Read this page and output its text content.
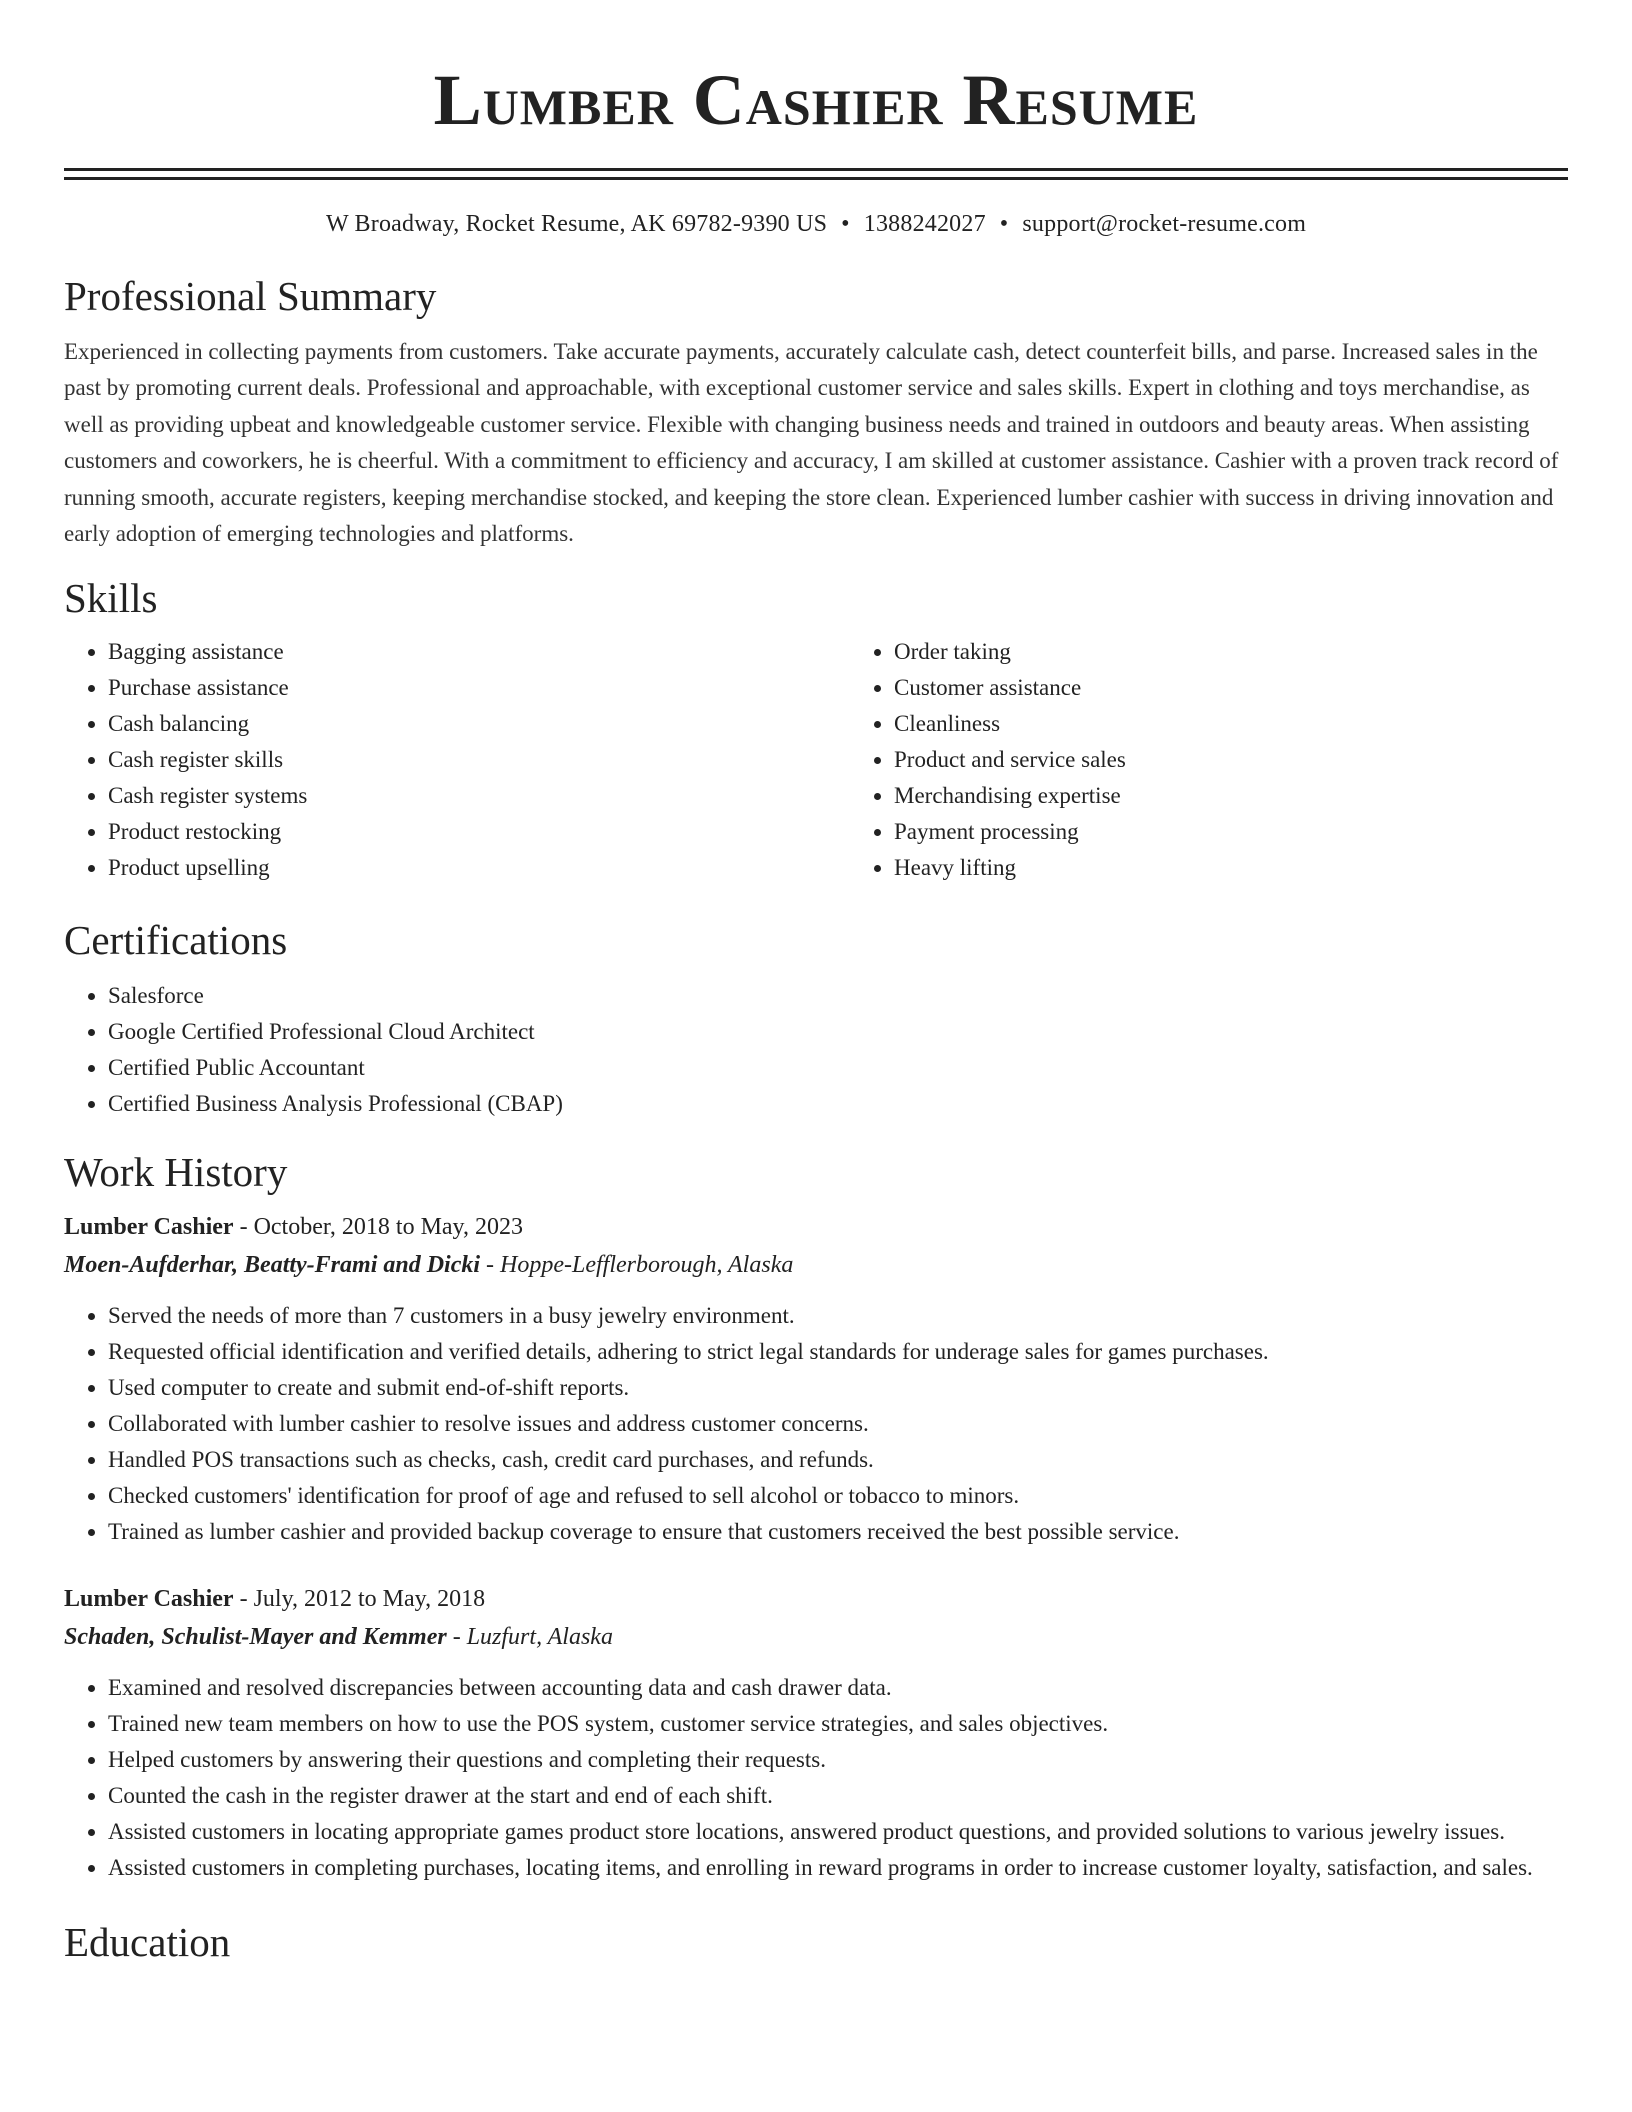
Lumber Cashier Resume
W Broadway, Rocket Resume, AK 69782-9390 US • 1388242027 • support@rocket-resume.com
Professional Summary

Experienced in collecting payments from customers. Take accurate payments, accurately calculate cash, detect counterfeit bills, and parse. Increased sales in the past by promoting current deals. Professional and approachable, with exceptional customer service and sales skills. Expert in clothing and toys merchandise, as well as providing upbeat and knowledgeable customer service. Flexible with changing business needs and trained in outdoors and beauty areas. When assisting customers and coworkers, he is cheerful. With a commitment to efficiency and accuracy, I am skilled at customer assistance. Cashier with a proven track record of running smooth, accurate registers, keeping merchandise stocked, and keeping the store clean. Experienced lumber cashier with success in driving innovation and early adoption of emerging technologies and platforms.

Skills
• Bagging assistance
• Purchase assistance
• Cash balancing
• Cash register skills
• Cash register systems
• Product restocking
• Product upselling
• Order taking
• Customer assistance
• Cleanliness
• Product and service sales
• Merchandising expertise
• Payment processing
• Heavy lifting
Certifications
• Salesforce
• Google Certified Professional Cloud Architect
• Certified Public Accountant
• Certified Business Analysis Professional (CBAP)
Work History
Lumber Cashier - October, 2018 to May, 2023
Moen-Aufderhar, Beatty-Frami and Dicki - Hoppe-Lefflerborough, Alaska
• Served the needs of more than 7 customers in a busy jewelry environment.
• Requested official identification and verified details, adhering to strict legal standards for underage sales for games purchases.
• Used computer to create and submit end-of-shift reports.
• Collaborated with lumber cashier to resolve issues and address customer concerns.
• Handled POS transactions such as checks, cash, credit card purchases, and refunds.
• Checked customers' identification for proof of age and refused to sell alcohol or tobacco to minors.
• Trained as lumber cashier and provided backup coverage to ensure that customers received the best possible service.
Lumber Cashier - July, 2012 to May, 2018
Schaden, Schulist-Mayer and Kemmer - Luzfurt, Alaska
• Examined and resolved discrepancies between accounting data and cash drawer data.
• Trained new team members on how to use the POS system, customer service strategies, and sales objectives.
• Helped customers by answering their questions and completing their requests.
• Counted the cash in the register drawer at the start and end of each shift.
• Assisted customers in locating appropriate games product store locations, answered product questions, and provided solutions to various jewelry issues.
• Assisted customers in completing purchases, locating items, and enrolling in reward programs in order to increase customer loyalty, satisfaction, and sales.
Education
